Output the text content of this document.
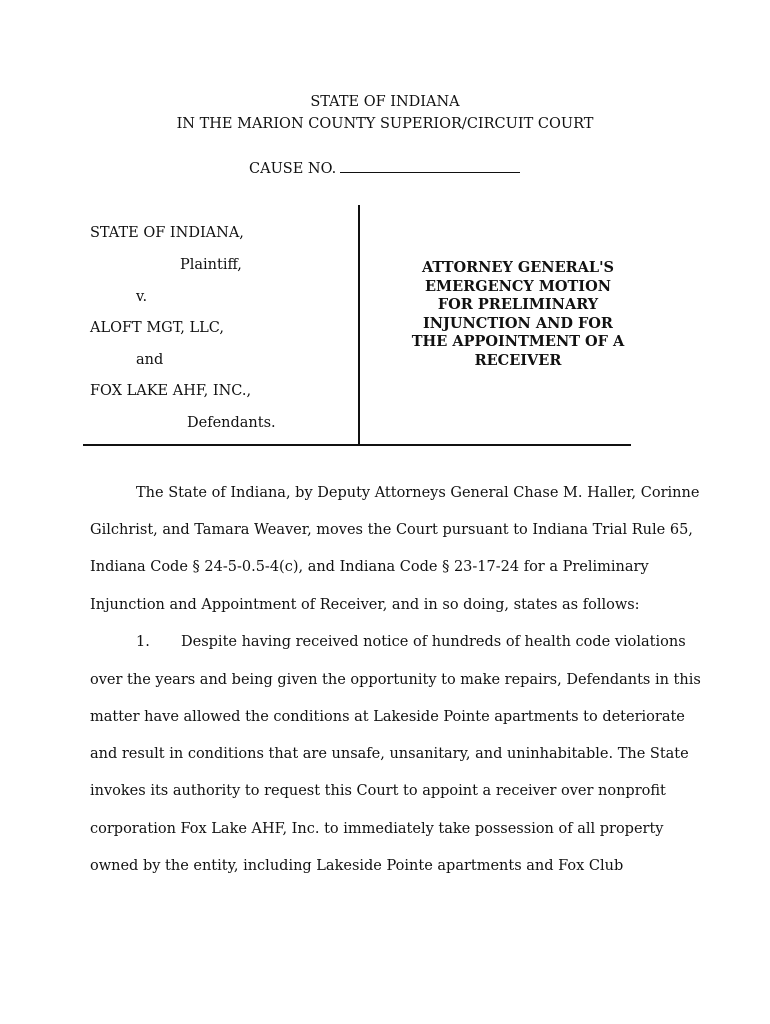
STATE OF INDIANA
IN THE MARION COUNTY SUPERIOR/CIRCUIT COURT
CAUSE NO.
STATE OF INDIANA,
Plaintiff,
v.
ALOFT MGT, LLC,
and
FOX LAKE AHF, INC.,
Defendants.
ATTORNEY GENERAL'S
EMERGENCY MOTION
FOR PRELIMINARY
INJUNCTION AND FOR
THE APPOINTMENT OF A
RECEIVER
The State of Indiana, by Deputy Attorneys General Chase M. Haller, Corinne
Gilchrist, and Tamara Weaver, moves the Court pursuant to Indiana Trial Rule 65,
Indiana Code § 24-5-0.5-4(c), and Indiana Code § 23-17-24 for a Preliminary
Injunction and Appointment of Receiver, and in so doing, states as follows:
1. Despite having received notice of hundreds of health code violations
over the years and being given the opportunity to make repairs, Defendants in this
matter have allowed the conditions at Lakeside Pointe apartments to deteriorate
and result in conditions that are unsafe, unsanitary, and uninhabitable. The State
invokes its authority to request this Court to appoint a receiver over nonprofit
corporation Fox Lake AHF, Inc. to immediately take possession of all property
owned by the entity, including Lakeside Pointe apartments and Fox Club
